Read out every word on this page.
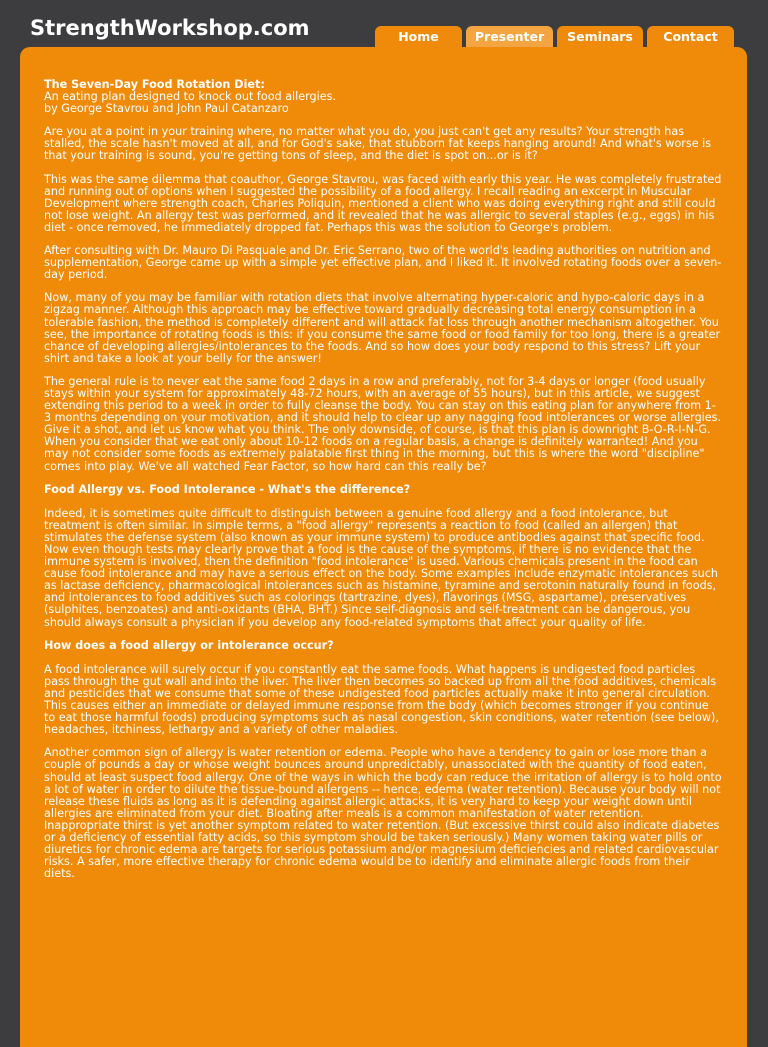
StrengthWorkshop.com	Home	Presenter	Seminars	Contact
The Seven-Day Food Rotation Diet:
An eating plan designed to knock out food allergies.
by George Stavrou and John Paul Catanzaro

Are you at a point in your training where, no matter what you do, you just can't get any results? Your strength has stalled, the scale hasn't moved at all, and for God's sake, that stubborn fat keeps hanging around! And what's worse is that your training is sound, you're getting tons of sleep, and the diet is spot on...or is it?

This was the same dilemma that coauthor, George Stavrou, was faced with early this year. He was completely frustrated and running out of options when I suggested the possibility of a food allergy. I recall reading an excerpt in Muscular Development where strength coach, Charles Poliquin, mentioned a client who was doing everything right and still could not lose weight. An allergy test was performed, and it revealed that he was allergic to several staples (e.g., eggs) in his diet - once removed, he immediately dropped fat. Perhaps this was the solution to George's problem.

After consulting with Dr. Mauro Di Pasquale and Dr. Eric Serrano, two of the world's leading authorities on nutrition and supplementation, George came up with a simple yet effective plan, and I liked it. It involved rotating foods over a seven-day period.

Now, many of you may be familiar with rotation diets that involve alternating hyper-caloric and hypo-caloric days in a zigzag manner. Although this approach may be effective toward gradually decreasing total energy consumption in a tolerable fashion, the method is completely different and will attack fat loss through another mechanism altogether. You see, the importance of rotating foods is this: if you consume the same food or food family for too long, there is a greater chance of developing allergies/intolerances to the foods. And so how does your body respond to this stress? Lift your shirt and take a look at your belly for the answer!

The general rule is to never eat the same food 2 days in a row and preferably, not for 3-4 days or longer (food usually stays within your system for approximately 48-72 hours, with an average of 55 hours), but in this article, we suggest extending this period to a week in order to fully cleanse the body. You can stay on this eating plan for anywhere from 1-3 months depending on your motivation, and it should help to clear up any nagging food intolerances or worse allergies. Give it a shot, and let us know what you think. The only downside, of course, is that this plan is downright B-O-R-I-N-G. When you consider that we eat only about 10-12 foods on a regular basis, a change is definitely warranted! And you may not consider some foods as extremely palatable first thing in the morning, but this is where the word "discipline" comes into play. We've all watched Fear Factor, so how hard can this really be?

Food Allergy vs. Food Intolerance - What's the difference?

Indeed, it is sometimes quite difficult to distinguish between a genuine food allergy and a food intolerance, but treatment is often similar. In simple terms, a "food allergy" represents a reaction to food (called an allergen) that stimulates the defense system (also known as your immune system) to produce antibodies against that specific food. Now even though tests may clearly prove that a food is the cause of the symptoms, if there is no evidence that the immune system is involved, then the definition "food intolerance" is used. Various chemicals present in the food can cause food intolerance and may have a serious effect on the body. Some examples include enzymatic intolerances such as lactase deficiency, pharmacological intolerances such as histamine, tyramine and serotonin naturally found in foods, and intolerances to food additives such as colorings (tartrazine, dyes), flavorings (MSG, aspartame), preservatives (sulphites, benzoates) and anti-oxidants (BHA, BHT.) Since self-diagnosis and self-treatment can be dangerous, you should always consult a physician if you develop any food-related symptoms that affect your quality of life.

How does a food allergy or intolerance occur?

A food intolerance will surely occur if you constantly eat the same foods. What happens is undigested food particles pass through the gut wall and into the liver. The liver then becomes so backed up from all the food additives, chemicals and pesticides that we consume that some of these undigested food particles actually make it into general circulation. This causes either an immediate or delayed immune response from the body (which becomes stronger if you continue to eat those harmful foods) producing symptoms such as nasal congestion, skin conditions, water retention (see below), headaches, itchiness, lethargy and a variety of other maladies.

Another common sign of allergy is water retention or edema. People who have a tendency to gain or lose more than a couple of pounds a day or whose weight bounces around unpredictably, unassociated with the quantity of food eaten, should at least suspect food allergy. One of the ways in which the body can reduce the irritation of allergy is to hold onto a lot of water in order to dilute the tissue-bound allergens -- hence, edema (water retention). Because your body will not release these fluids as long as it is defending against allergic attacks, it is very hard to keep your weight down until allergies are eliminated from your diet. Bloating after meals is a common manifestation of water retention. Inappropriate thirst is yet another symptom related to water retention. (But excessive thirst could also indicate diabetes or a deficiency of essential fatty acids, so this symptom should be taken seriously.) Many women taking water pills or diuretics for chronic edema are targets for serious potassium and/or magnesium deficiencies and related cardiovascular risks. A safer, more effective therapy for chronic edema would be to identify and eliminate allergic foods from their diets.
